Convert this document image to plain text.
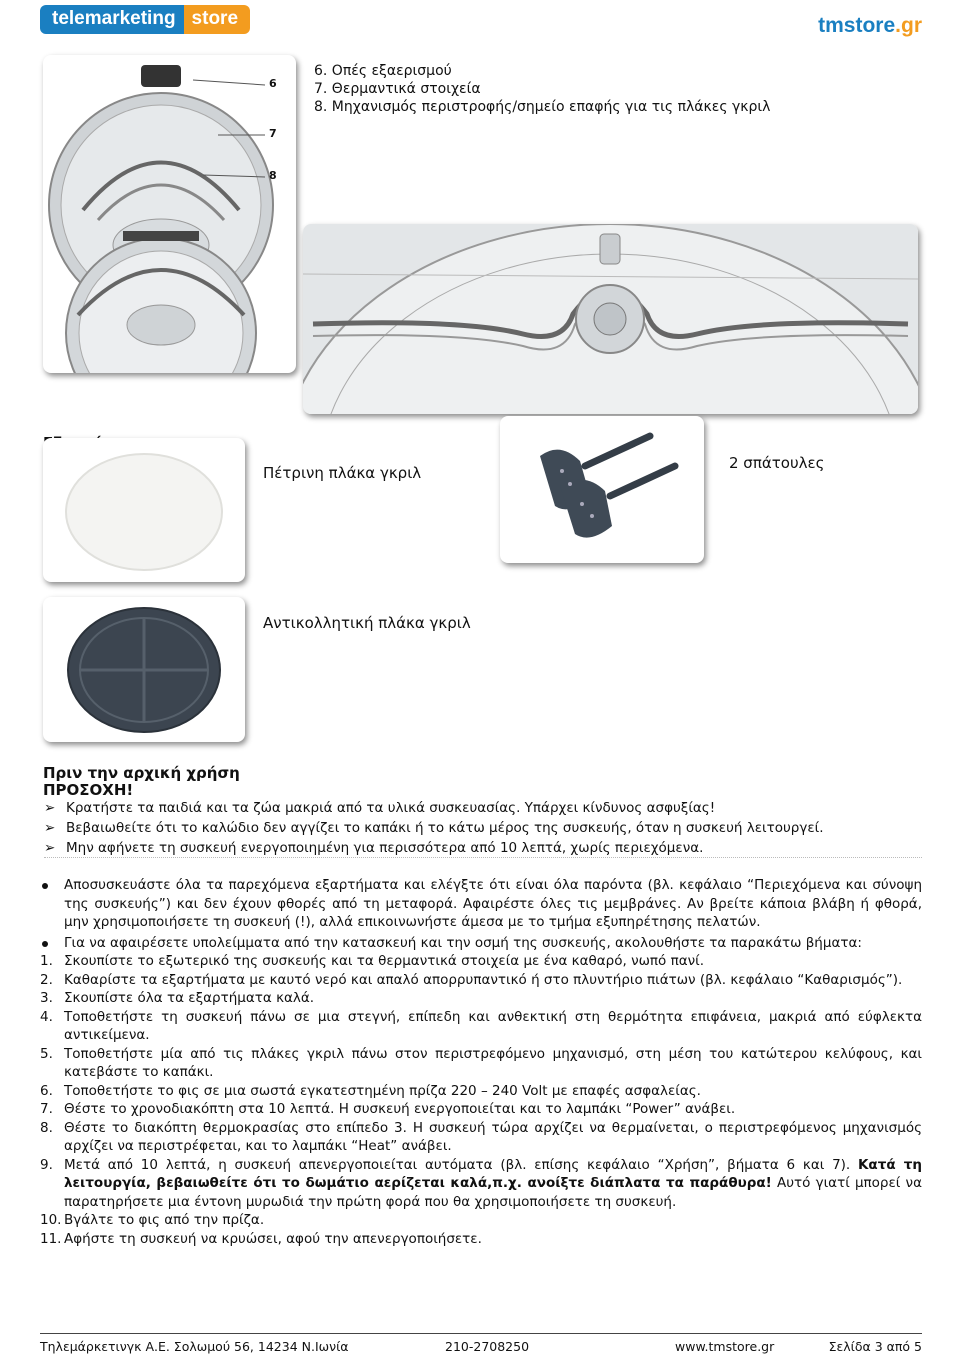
telemarketing store	tmstore.gr
6
7
8
6. Οπές εξαερισμού
7. Θερμαντικά στοιχεία
8. Μηχανισμός περιστροφής/σημείο επαφής για τις πλάκες γκριλ
Πέτρινη πλάκα γκριλ
2 σπάτουλες
Αντικολλητική πλάκα γκριλ
Πριν την αρχική χρήση
ΠΡΟΣΟΧΗ!
➢ Κρατήστε τα παιδιά και τα ζώα μακριά από τα υλικά συσκευασίας. Υπάρχει κίνδυνος ασφυξίας!
➢ Βεβαιωθείτε ότι το καλώδιο δεν αγγίζει το καπάκι ή το κάτω μέρος της συσκευής, όταν η συσκευή λειτουργεί.
➢ Μην αφήνετε τη συσκευή ενεργοποιημένη για περισσότερα από 10 λεπτά, χωρίς περιεχόμενα.
Αποσυσκευάστε όλα τα παρεχόμενα εξαρτήματα και ελέγξτε ότι είναι όλα παρόντα (βλ. κεφάλαιο “Περιεχόμενα και σύνοψη της συσκευής”) και δεν έχουν φθορές από τη μεταφορά. Αφαιρέστε όλες τις μεμβράνες. Αν βρείτε κάποια βλάβη ή φθορά, μην χρησιμοποιήσετε τη συσκευή (!), αλλά επικοινωνήστε άμεσα με το τμήμα εξυπηρέτησης πελατών.
Για να αφαιρέσετε υπολείμματα από την κατασκευή και την οσμή της συσκευής, ακολουθήστε τα παρακάτω βήματα:
1. Σκουπίστε το εξωτερικό της συσκευής και τα θερμαντικά στοιχεία με ένα καθαρό, νωπό πανί.
2. Καθαρίστε τα εξαρτήματα με καυτό νερό και απαλό απορρυπαντικό ή στο πλυντήριο πιάτων (βλ. κεφάλαιο “Καθαρισμός”).
3. Σκουπίστε όλα τα εξαρτήματα καλά.
4. Τοποθετήστε τη συσκευή πάνω σε μια στεγνή, επίπεδη και ανθεκτική στη θερμότητα επιφάνεια, μακριά από εύφλεκτα αντικείμενα.
5. Τοποθετήστε μία από τις πλάκες γκριλ πάνω στον περιστρεφόμενο μηχανισμό, στη μέση του κατώτερου κελύφους, και κατεβάστε το καπάκι.
6. Τοποθετήστε το φις σε μια σωστά εγκατεστημένη πρίζα 220 – 240 Volt με επαφές ασφαλείας.
7. Θέστε το χρονοδιακόπτη στα 10 λεπτά. Η συσκευή ενεργοποιείται και το λαμπάκι “Power” ανάβει.
8. Θέστε το διακόπτη θερμοκρασίας στο επίπεδο 3. Η συσκευή τώρα αρχίζει να θερμαίνεται, ο περιστρεφόμενος μηχανισμός αρχίζει να περιστρέφεται, και το λαμπάκι “Heat” ανάβει.
9. Μετά από 10 λεπτά, η συσκευή απενεργοποιείται αυτόματα (βλ. επίσης κεφάλαιο “Χρήση”, βήματα 6 και 7). Κατά τη λειτουργία, βεβαιωθείτε ότι το δωμάτιο αερίζεται καλά,π.χ. ανοίξτε διάπλατα τα παράθυρα! Αυτό γιατί μπορεί να παρατηρήσετε μια έντονη μυρωδιά την πρώτη φορά που θα χρησιμοποιήσετε τη συσκευή.
10. Βγάλτε το φις από την πρίζα.
11. Αφήστε τη συσκευή να κρυώσει, αφού την απενεργοποιήσετε.
Τηλεμάρκετινγκ Α.Ε. Σολωμού 56, 14234 Ν.Ιωνία	210-2708250	www.tmstore.gr	Σελίδα 3 από 5
